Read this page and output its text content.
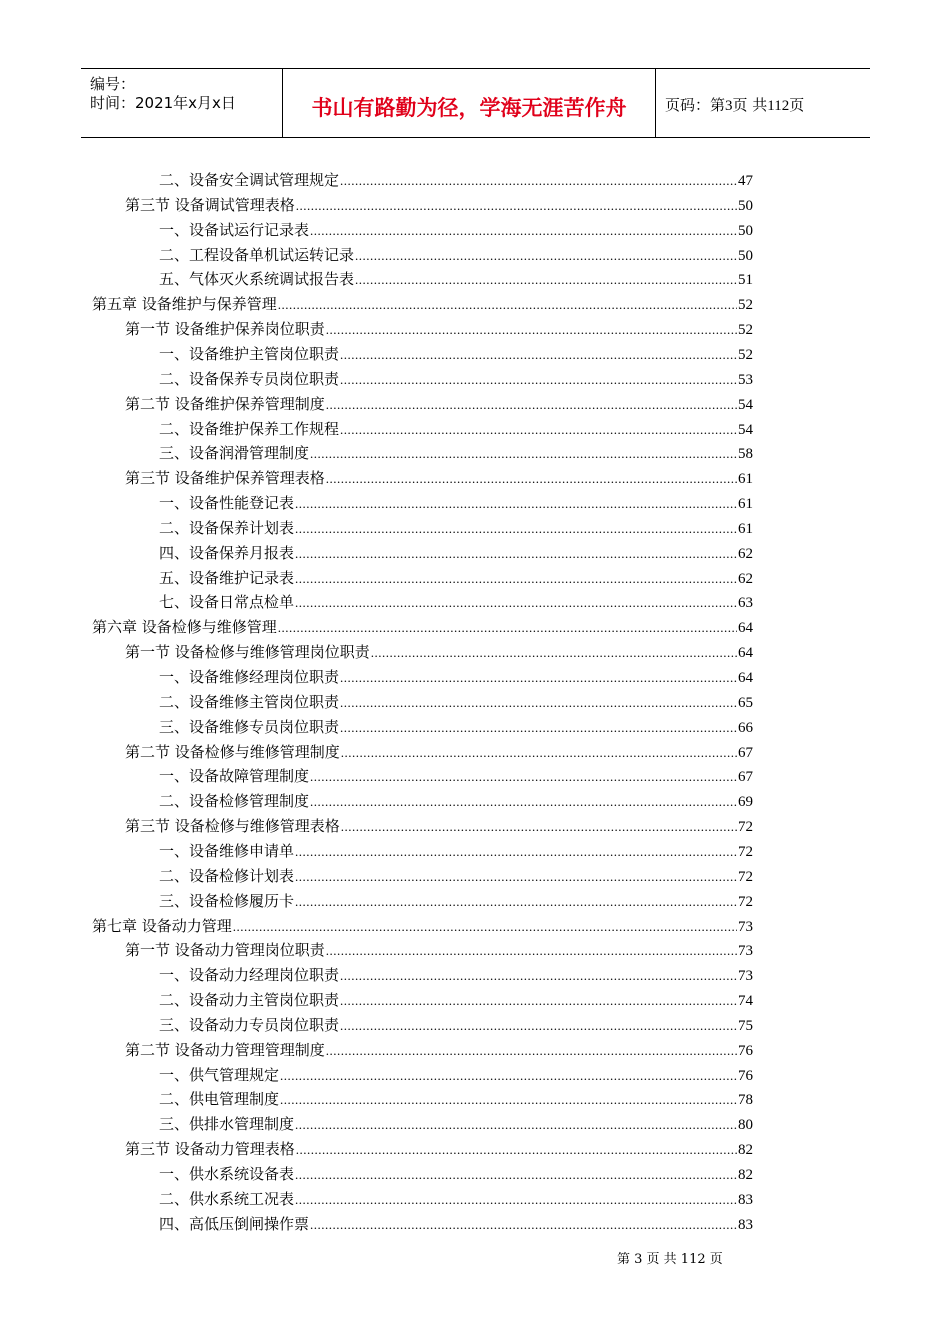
编号：
时间：2021年x月x日	书山有路勤为径，学海无涯苦作舟	页码：第3页 共112页
二、设备安全调试管理规定 .....	47
第三节 设备调试管理表格 .....	50
一、设备试运行记录表 .....	50
二、工程设备单机试运转记录 .....	50
五、气体灭火系统调试报告表 .....	51
第五章 设备维护与保养管理 .....	52
第一节 设备维护保养岗位职责 .....	52
一、设备维护主管岗位职责 .....	52
二、设备保养专员岗位职责 .....	53
第二节 设备维护保养管理制度 .....	54
二、设备维护保养工作规程 .....	54
三、设备润滑管理制度 .....	58
第三节 设备维护保养管理表格 .....	61
一、设备性能登记表 .....	61
二、设备保养计划表 .....	61
四、设备保养月报表 .....	62
五、设备维护记录表 .....	62
七、设备日常点检单 .....	63
第六章 设备检修与维修管理 .....	64
第一节 设备检修与维修管理岗位职责 .....	64
一、设备维修经理岗位职责 .....	64
二、设备维修主管岗位职责 .....	65
三、设备维修专员岗位职责 .....	66
第二节 设备检修与维修管理制度 .....	67
一、设备故障管理制度 .....	67
二、设备检修管理制度 .....	69
第三节 设备检修与维修管理表格 .....	72
一、设备维修申请单 .....	72
二、设备检修计划表 .....	72
三、设备检修履历卡 .....	72
第七章 设备动力管理 .....	73
第一节 设备动力管理岗位职责 .....	73
一、设备动力经理岗位职责 .....	73
二、设备动力主管岗位职责 .....	74
三、设备动力专员岗位职责 .....	75
第二节 设备动力管理管理制度 .....	76
一、供气管理规定 .....	76
二、供电管理制度 .....	78
三、供排水管理制度 .....	80
第三节 设备动力管理表格 .....	82
一、供水系统设备表 .....	82
二、供水系统工况表 .....	83
四、高低压倒闸操作票 .....	83
第 3 页 共 112 页
